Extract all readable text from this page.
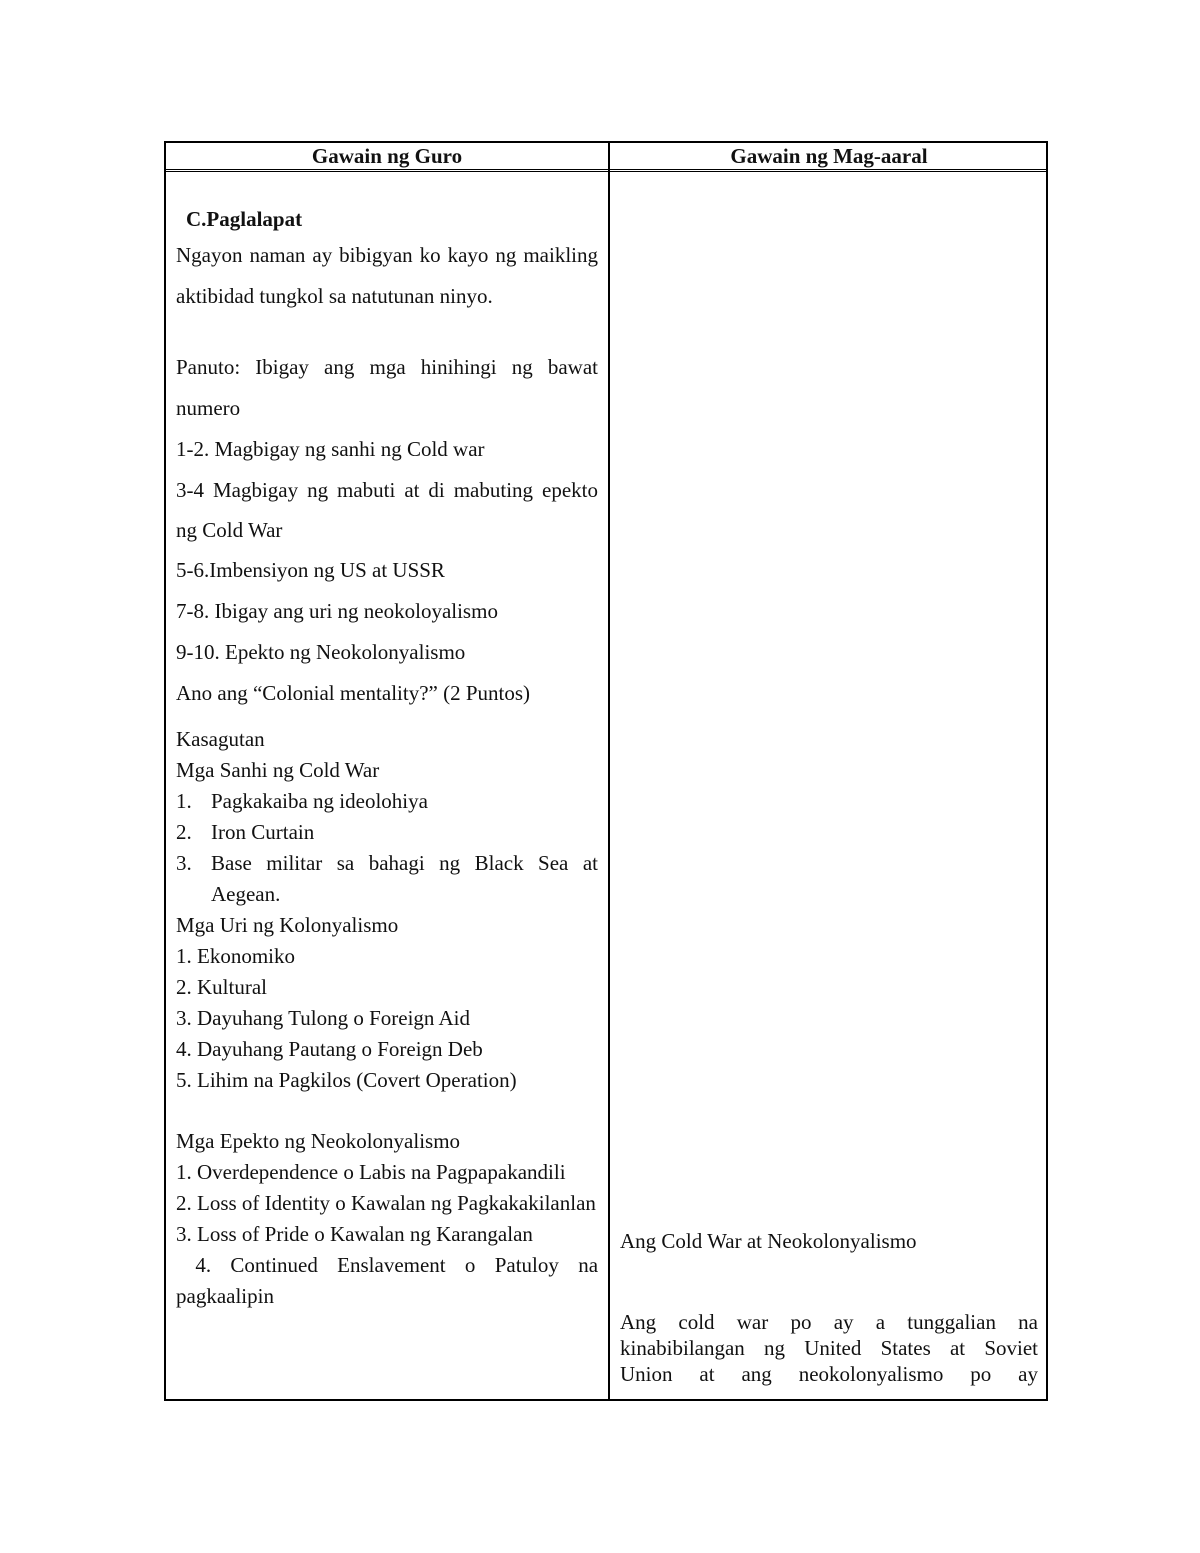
Gawain ng Guro	Gawain ng Mag-aaral
C.Paglalapat

Ngayon naman ay bibigyan ko kayo ng maikling aktibidad tungkol sa natutunan ninyo.

Panuto: Ibigay ang mga hinihingi ng bawat numero

1-2. Magbigay ng sanhi ng Cold war

3-4 Magbigay ng mabuti at di mabuting epekto ng Cold War

5-6.Imbensiyon ng US at USSR

7-8. Ibigay ang uri ng neokoloyalismo

9-10. Epekto ng Neokolonyalismo

Ano ang “Colonial mentality?” (2 Puntos)

Kasagutan

Mga Sanhi ng Cold War

1. Pagkakaiba ng ideolohiya
2. Iron Curtain
3. Base militar sa bahagi ng Black Sea at Aegean.

Mga Uri ng Kolonyalismo

1. Ekonomiko

2. Kultural

3. Dayuhang Tulong o Foreign Aid

4. Dayuhang Pautang o Foreign Deb

5. Lihim na Pagkilos (Covert Operation)

Mga Epekto ng Neokolonyalismo

1. Overdependence o Labis na Pagpapakandili

2. Loss of Identity o Kawalan ng Pagkakakilanlan

3. Loss of Pride o Kawalan ng Karangalan

4. Continued Enslavement o Patuloy na pagkaalipin

Ang Cold War at Neokolonyalismo

Ang cold war po ay a tunggalian na

kinabibilangan ng United States at Soviet

Union at ang neokolonyalismo po ay
